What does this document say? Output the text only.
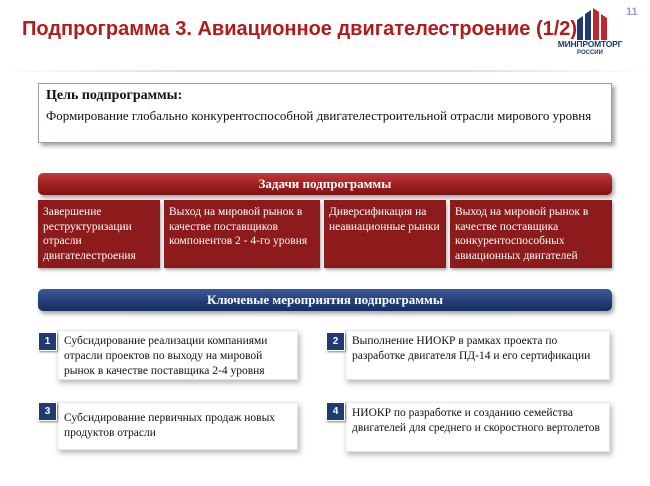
Подпрограмма 3. Авиационное двигателестроение (1/2)
11
МИНПРОМТОРГ
РОССИИ
Цель подпрограммы:
Формирование глобально конкурентоспособной двигателестроительной отрасли мирового уровня
Задачи подпрограммы
Завершение реструктуризации отрасли двигателестроения
Выход на мировой рынок в качестве поставщиков компонентов 2 - 4-го уровня
Диверсификация на неавиационные рынки
Выход на мировой рынок в качестве поставщика конкурентоспособных авиационных двигателей
Ключевые мероприятия подпрограммы
Субсидирование реализации компаниями отрасли проектов по выходу на мировой рынок в качестве поставщика 2-4 уровня
1	Выполнение НИОКР в рамках проекта по разработке двигателя ПД-14 и его сертификации
2
Субсидирование первичных продаж новых продуктов отрасли
3	НИОКР по разработке и созданию семейства двигателей для среднего и скоростного вертолетов
4
